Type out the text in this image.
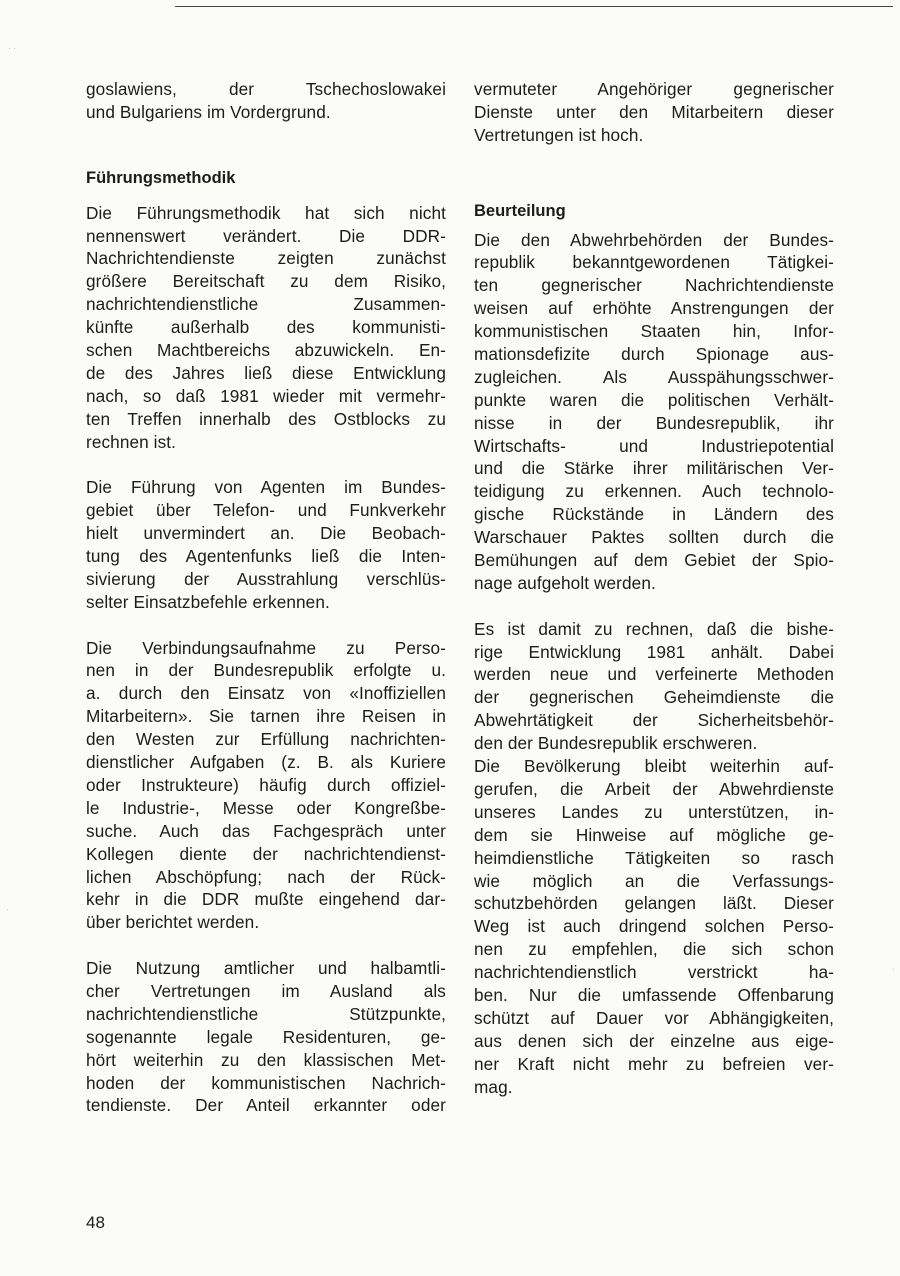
· ·
·
·
goslawiens, der Tschechoslowakei
und Bulgariens im Vordergrund.
Führungsmethodik
Die Führungsmethodik hat sich nicht
nennenswert verändert. Die DDR-
Nachrichtendienste zeigten zunächst
größere Bereitschaft zu dem Risiko,
nachrichtendienstliche Zusammen-
künfte außerhalb des kommunisti-
schen Machtbereichs abzuwickeln. En-
de des Jahres ließ diese Entwicklung
nach, so daß 1981 wieder mit vermehr-
ten Treffen innerhalb des Ostblocks zu
rechnen ist.
Die Führung von Agenten im Bundes-
gebiet über Telefon- und Funkverkehr
hielt unvermindert an. Die Beobach-
tung des Agentenfunks ließ die Inten-
sivierung der Ausstrahlung verschlüs-
selter Einsatzbefehle erkennen.
Die Verbindungsaufnahme zu Perso-
nen in der Bundesrepublik erfolgte u.
a. durch den Einsatz von «Inoffiziellen
Mitarbeitern». Sie tarnen ihre Reisen in
den Westen zur Erfüllung nachrichten-
dienstlicher Aufgaben (z. B. als Kuriere
oder Instrukteure) häufig durch offiziel-
le Industrie-, Messe oder Kongreßbe-
suche. Auch das Fachgespräch unter
Kollegen diente der nachrichtendienst-
lichen Abschöpfung; nach der Rück-
kehr in die DDR mußte eingehend dar-
über berichtet werden.
Die Nutzung amtlicher und halbamtli-
cher Vertretungen im Ausland als
nachrichtendienstliche Stützpunkte,
sogenannte legale Residenturen, ge-
hört weiterhin zu den klassischen Met-
hoden der kommunistischen Nachrich-
tendienste. Der Anteil erkannter oder
vermuteter Angehöriger gegnerischer
Dienste unter den Mitarbeitern dieser
Vertretungen ist hoch.
Beurteilung
Die den Abwehrbehörden der Bundes-
republik bekanntgewordenen Tätigkei-
ten gegnerischer Nachrichtendienste
weisen auf erhöhte Anstrengungen der
kommunistischen Staaten hin, Infor-
mationsdefizite durch Spionage aus-
zugleichen. Als Ausspähungsschwer-
punkte waren die politischen Verhält-
nisse in der Bundesrepublik, ihr
Wirtschafts- und Industriepotential
und die Stärke ihrer militärischen Ver-
teidigung zu erkennen. Auch technolo-
gische Rückstände in Ländern des
Warschauer Paktes sollten durch die
Bemühungen auf dem Gebiet der Spio-
nage aufgeholt werden.
Es ist damit zu rechnen, daß die bishe-
rige Entwicklung 1981 anhält. Dabei
werden neue und verfeinerte Methoden
der gegnerischen Geheimdienste die
Abwehrtätigkeit der Sicherheitsbehör-
den der Bundesrepublik erschweren.
Die Bevölkerung bleibt weiterhin auf-
gerufen, die Arbeit der Abwehrdienste
unseres Landes zu unterstützen, in-
dem sie Hinweise auf mögliche ge-
heimdienstliche Tätigkeiten so rasch
wie möglich an die Verfassungs-
schutzbehörden gelangen läßt. Dieser
Weg ist auch dringend solchen Perso-
nen zu empfehlen, die sich schon
nachrichtendienstlich verstrickt ha-
ben. Nur die umfassende Offenbarung
schützt auf Dauer vor Abhängigkeiten,
aus denen sich der einzelne aus eige-
ner Kraft nicht mehr zu befreien ver-
mag.
48
